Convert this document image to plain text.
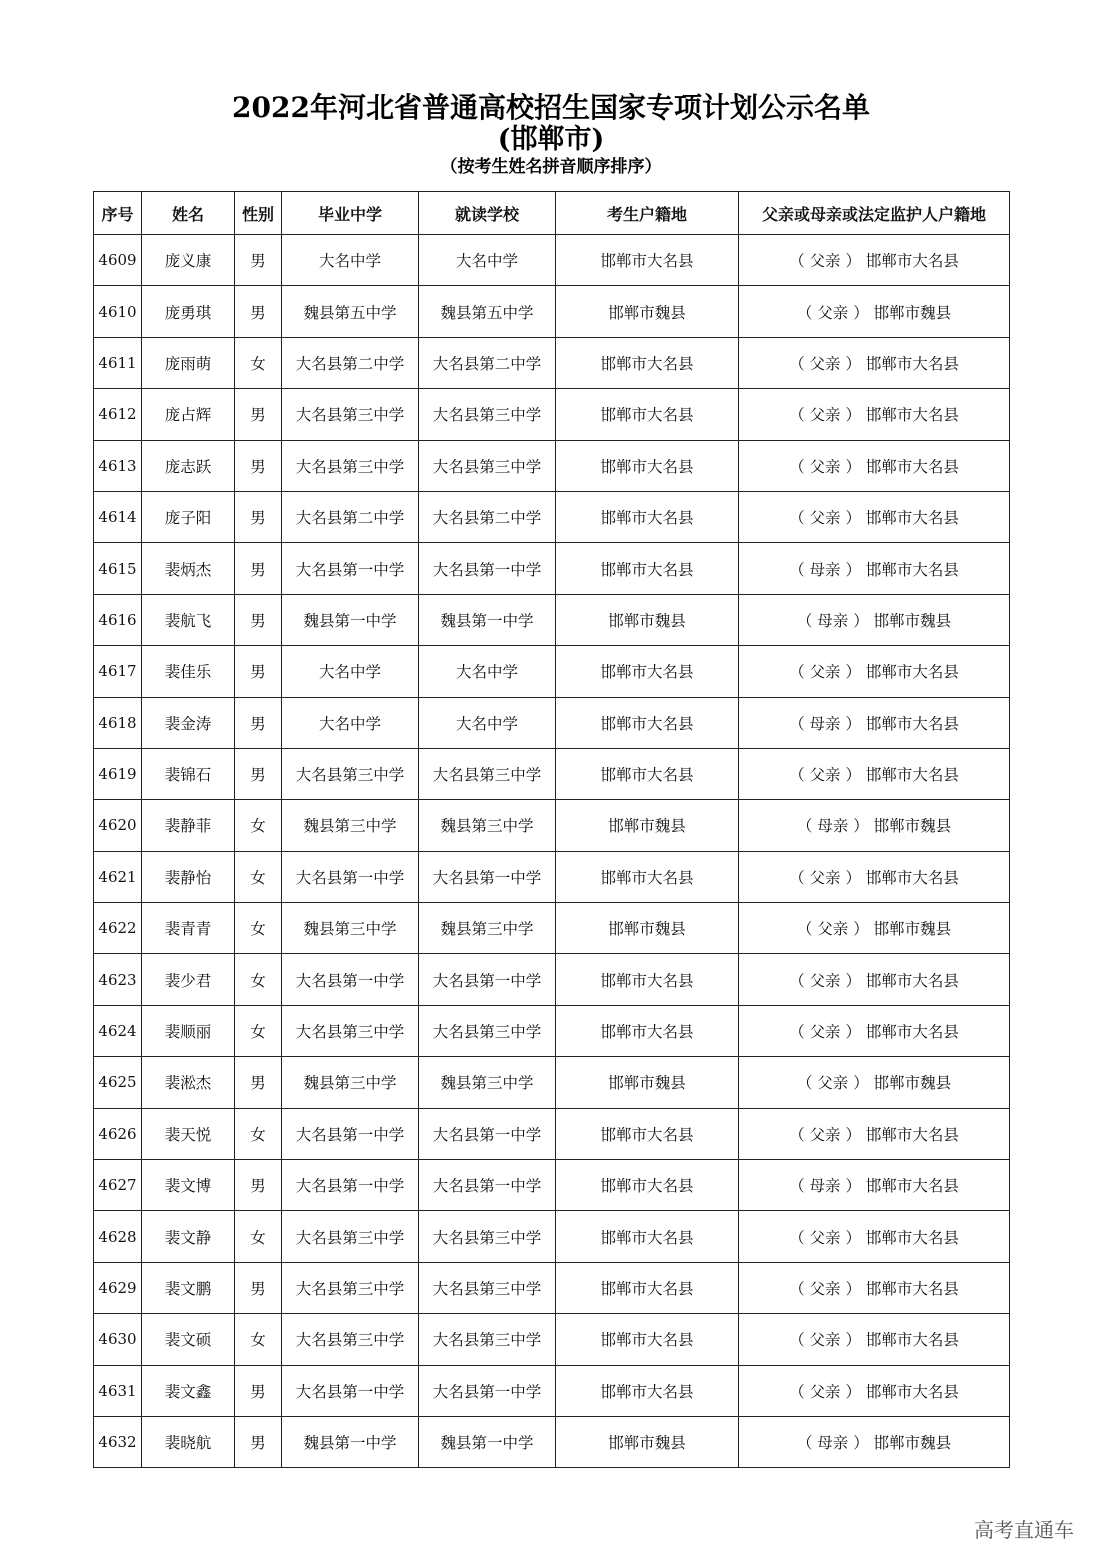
2022年河北省普通高校招生国家专项计划公示名单
(邯郸市)
（按考生姓名拼音顺序排序）
序号	姓名	性别	毕业中学	就读学校	考生户籍地	父亲或母亲或法定监护人户籍地
4609	庞义康	男	大名中学	大名中学	邯郸市大名县	（ 父亲 ） 邯郸市大名县
4610	庞勇琪	男	魏县第五中学	魏县第五中学	邯郸市魏县	（ 父亲 ） 邯郸市魏县
4611	庞雨萌	女	大名县第二中学	大名县第二中学	邯郸市大名县	（ 父亲 ） 邯郸市大名县
4612	庞占辉	男	大名县第三中学	大名县第三中学	邯郸市大名县	（ 父亲 ） 邯郸市大名县
4613	庞志跃	男	大名县第三中学	大名县第三中学	邯郸市大名县	（ 父亲 ） 邯郸市大名县
4614	庞子阳	男	大名县第二中学	大名县第二中学	邯郸市大名县	（ 父亲 ） 邯郸市大名县
4615	裴炳杰	男	大名县第一中学	大名县第一中学	邯郸市大名县	（ 母亲 ） 邯郸市大名县
4616	裴航飞	男	魏县第一中学	魏县第一中学	邯郸市魏县	（ 母亲 ） 邯郸市魏县
4617	裴佳乐	男	大名中学	大名中学	邯郸市大名县	（ 父亲 ） 邯郸市大名县
4618	裴金涛	男	大名中学	大名中学	邯郸市大名县	（ 母亲 ） 邯郸市大名县
4619	裴锦石	男	大名县第三中学	大名县第三中学	邯郸市大名县	（ 父亲 ） 邯郸市大名县
4620	裴静菲	女	魏县第三中学	魏县第三中学	邯郸市魏县	（ 母亲 ） 邯郸市魏县
4621	裴静怡	女	大名县第一中学	大名县第一中学	邯郸市大名县	（ 父亲 ） 邯郸市大名县
4622	裴青青	女	魏县第三中学	魏县第三中学	邯郸市魏县	（ 父亲 ） 邯郸市魏县
4623	裴少君	女	大名县第一中学	大名县第一中学	邯郸市大名县	（ 父亲 ） 邯郸市大名县
4624	裴顺丽	女	大名县第三中学	大名县第三中学	邯郸市大名县	（ 父亲 ） 邯郸市大名县
4625	裴淞杰	男	魏县第三中学	魏县第三中学	邯郸市魏县	（ 父亲 ） 邯郸市魏县
4626	裴天悦	女	大名县第一中学	大名县第一中学	邯郸市大名县	（ 父亲 ） 邯郸市大名县
4627	裴文博	男	大名县第一中学	大名县第一中学	邯郸市大名县	（ 母亲 ） 邯郸市大名县
4628	裴文静	女	大名县第三中学	大名县第三中学	邯郸市大名县	（ 父亲 ） 邯郸市大名县
4629	裴文鹏	男	大名县第三中学	大名县第三中学	邯郸市大名县	（ 父亲 ） 邯郸市大名县
4630	裴文硕	女	大名县第三中学	大名县第三中学	邯郸市大名县	（ 父亲 ） 邯郸市大名县
4631	裴文鑫	男	大名县第一中学	大名县第一中学	邯郸市大名县	（ 父亲 ） 邯郸市大名县
4632	裴晓航	男	魏县第一中学	魏县第一中学	邯郸市魏县	（ 母亲 ） 邯郸市魏县
高考直通车
